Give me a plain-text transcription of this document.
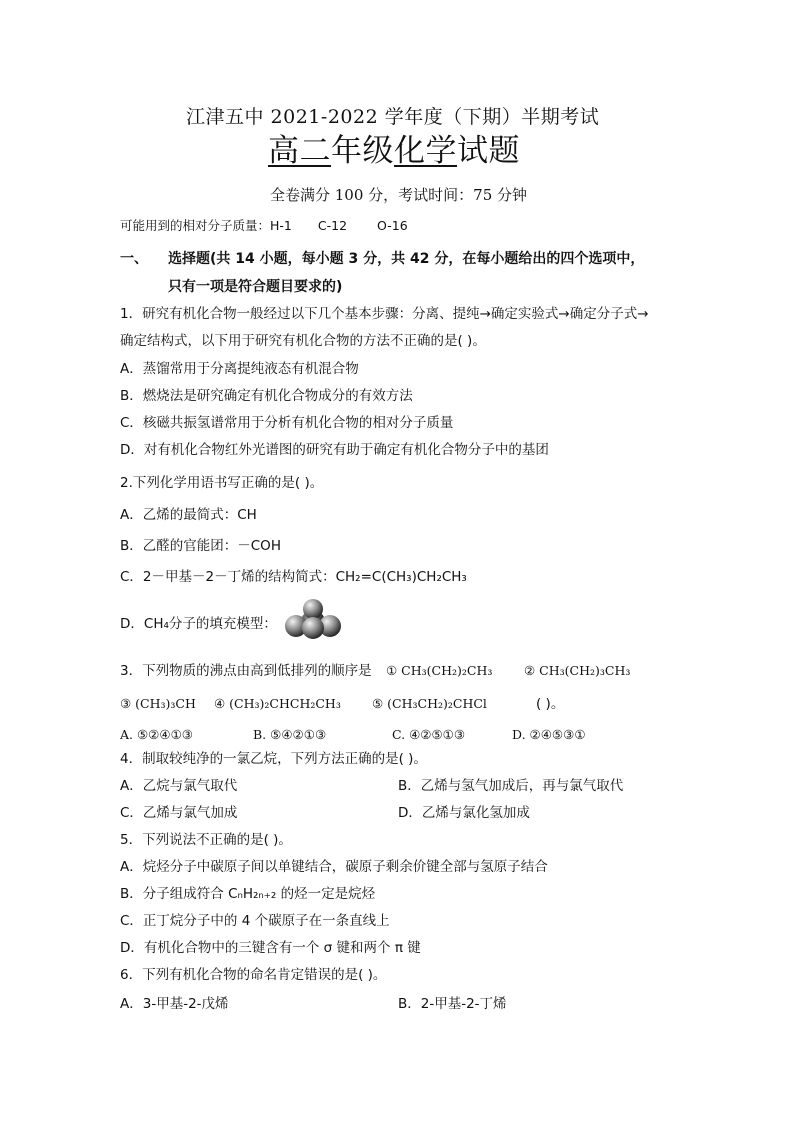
江津五中 2021-2022 学年度（下期）半期考试
高二年级化学试题
全卷满分 100 分，考试时间：75 分钟
可能用到的相对分子质量：H-1 C-12 O-16
一、 选择题(共 14 小题，每小题 3 分，共 42 分，在每小题给出的四个选项中，
只有一项是符合题目要求的)
1．研究有机化合物一般经过以下几个基本步骤：分离、提纯→确定实验式→确定分子式→
确定结构式，以下用于研究有机化合物的方法不正确的是( )。
A．蒸馏常用于分离提纯液态有机混合物
B．燃烧法是研究确定有机化合物成分的有效方法
C．核磁共振氢谱常用于分析有机化合物的相对分子质量
D．对有机化合物红外光谱图的研究有助于确定有机化合物分子中的基团
2.下列化学用语书写正确的是( )。
A．乙烯的最简式：CH
B．乙醛的官能团：－COH
C．2－甲基－2－丁烯的结构简式：CH₂=C(CH₃)CH₂CH₃
D．CH₄分子的填充模型：
3．下列物质的沸点由高到低排列的顺序是 ① CH₃(CH₂)₂CH₃	② CH₃(CH₂)₃CH₃
③ (CH₃)₃CH ④ (CH₃)₂CHCH₂CH₃ ⑤ (CH₃CH₂)₂CHCl	( )。
A. ⑤②④①③	B. ⑤④②①③	C. ④②⑤①③	D. ②④⑤③①
4．制取较纯净的一氯乙烷，下列方法正确的是( )。
A．乙烷与氯气取代	B．乙烯与氢气加成后，再与氯气取代
C．乙烯与氯气加成	D．乙烯与氯化氢加成
5．下列说法不正确的是( )。
A．烷烃分子中碳原子间以单键结合，碳原子剩余价键全部与氢原子结合
B．分子组成符合 CₙH₂ₙ₊₂ 的烃一定是烷烃
C．正丁烷分子中的 4 个碳原子在一条直线上
D．有机化合物中的三键含有一个 σ 键和两个 π 键
6．下列有机化合物的命名肯定错误的是( )。
A．3-甲基-2-戊烯	B．2-甲基-2-丁烯
